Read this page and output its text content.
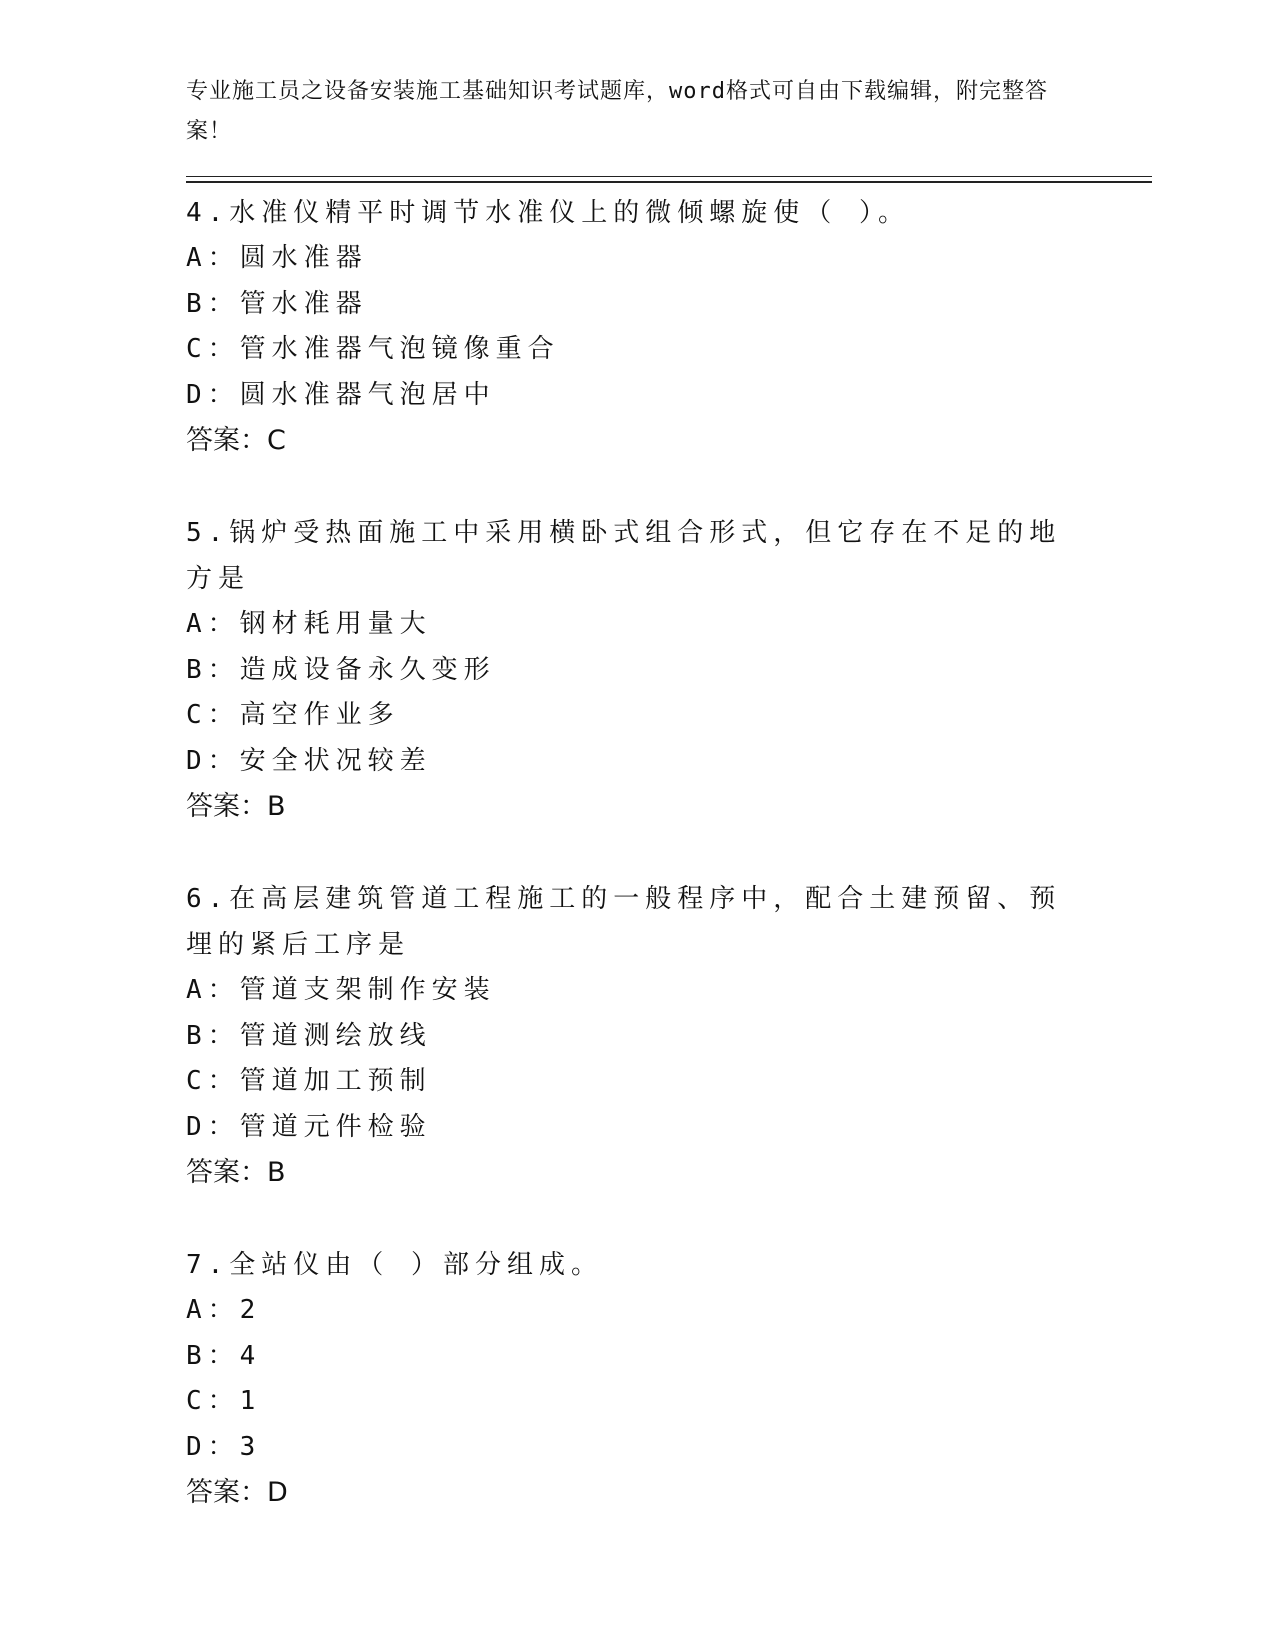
专业施工员之设备安装施工基础知识考试题库，word格式可自由下载编辑，附完整答案！
4.水准仪精平时调节水准仪上的微倾螺旋使（ ）。
A：圆水准器
B：管水准器
C：管水准器气泡镜像重合
D：圆水准器气泡居中
答案：C
5.锅炉受热面施工中采用横卧式组合形式，但它存在不足的地方是
A：钢材耗用量大
B：造成设备永久变形
C：高空作业多
D：安全状况较差
答案：B
6.在高层建筑管道工程施工的一般程序中，配合土建预留、预埋的紧后工序是
A：管道支架制作安装
B：管道测绘放线
C：管道加工预制
D：管道元件检验
答案：B
7.全站仪由（ ）部分组成。
A：2
B：4
C：1
D：3
答案：D
